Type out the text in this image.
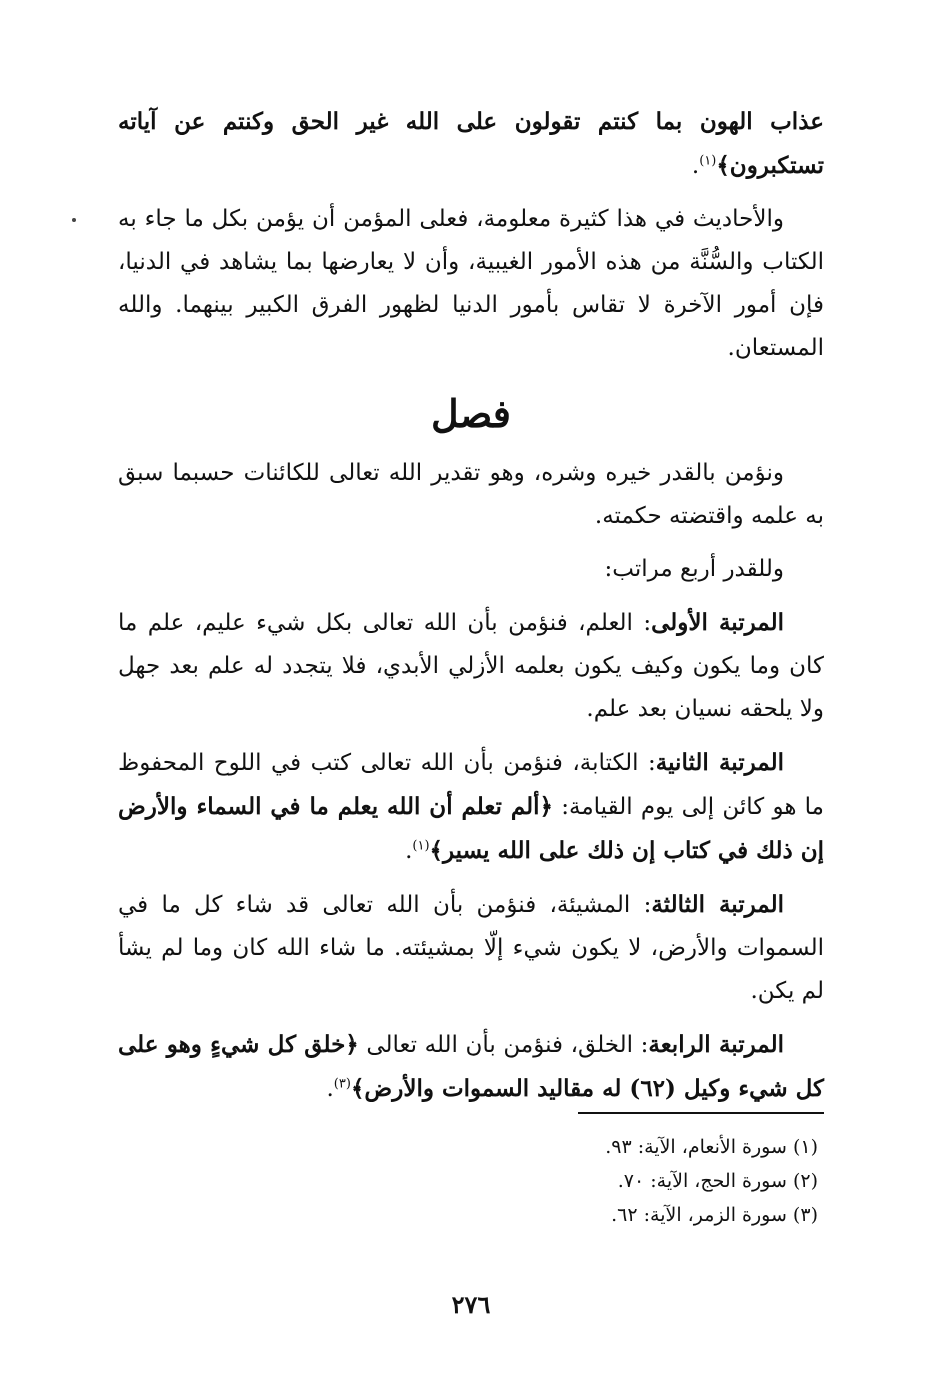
عذاب الهون بما كنتم تقولون على الله غير الحق وكنتم عن آياته تستكبرون﴾$^{(١)}$.

والأحاديث في هذا كثيرة معلومة، فعلى المؤمن أن يؤمن بكل ما جاء به الكتاب والسُّنَّة من هذه الأمور الغيبية، وأن لا يعارضها بما يشاهد في الدنيا، فإن أمور الآخرة لا تقاس بأمور الدنيا لظهور الفرق الكبير بينهما. والله المستعان.

فصل

ونؤمن بالقدر خيره وشره، وهو تقدير الله تعالى للكائنات حسبما سبق به علمه واقتضته حكمته.

وللقدر أربع مراتب:

المرتبة الأولى: العلم، فنؤمن بأن الله تعالى بكل شيء عليم، علم ما كان وما يكون وكيف يكون بعلمه الأزلي الأبدي، فلا يتجدد له علم بعد جهل ولا يلحقه نسيان بعد علم.

المرتبة الثانية: الكتابة، فنؤمن بأن الله تعالى كتب في اللوح المحفوظ ما هو كائن إلى يوم القيامة: ﴿ألم تعلم أن الله يعلم ما في السماء والأرض إن ذلك في كتاب إن ذلك على الله يسير﴾$^{(١)}$.

المرتبة الثالثة: المشيئة، فنؤمن بأن الله تعالى قد شاء كل ما في السموات والأرض، لا يكون شيء إلّا بمشيئته. ما شاء الله كان وما لم يشأ لم يكن.

المرتبة الرابعة: الخلق، فنؤمن بأن الله تعالى ﴿خلق كل شيءٍ وهو على كل شيء وكيل (٦٢) له مقاليد السموات والأرض﴾$^{(٣)}$.

(١) سورة الأنعام، الآية: ٩٣.

(٢) سورة الحج، الآية: ٧٠.

(٣) سورة الزمر، الآية: ٦٢.

٢٧٦
